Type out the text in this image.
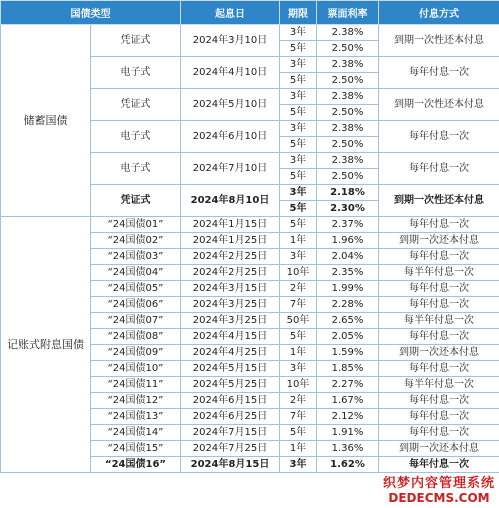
国债类型		起息日	期限	票面利率	付息方式
储蓄国债	凭证式	2024年3月10日	3年	2.38%	到期一次性还本付息
			5年	2.50%	
	电子式	2024年4月10日	3年	2.38%	每年付息一次
			5年	2.50%	
	凭证式	2024年5月10日	3年	2.38%	到期一次性还本付息
			5年	2.50%	
	电子式	2024年6月10日	3年	2.38%	每年付息一次
			5年	2.50%	
	电子式	2024年7月10日	3年	2.38%	每年付息一次
			5年	2.50%	
	凭证式	2024年8月10日	3年	2.18%	到期一次性还本付息
			5年	2.30%	
记账式附息国债	“24国债01”	2024年1月15日	5年	2.37%	每年付息一次
	“24国债02”	2024年1月25日	1年	1.96%	到期一次还本付息
	“24国债03”	2024年2月25日	3年	2.04%	每年付息一次
	“24国债04”	2024年2月25日	10年	2.35%	每半年付息一次
	“24国债05”	2024年3月15日	2年	1.99%	每年付息一次
	“24国债06”	2024年3月25日	7年	2.28%	每年付息一次
	“24国债07”	2024年3月25日	50年	2.65%	每半年付息一次
	“24国债08”	2024年4月15日	5年	2.05%	每年付息一次
	“24国债09”	2024年4月25日	1年	1.59%	到期一次还本付息
	“24国债10”	2024年5月15日	3年	1.85%	每年付息一次
	“24国债11”	2024年5月25日	10年	2.27%	每半年付息一次
	“24国债12”	2024年6月15日	2年	1.67%	每年付息一次
	“24国债13”	2024年6月25日	7年	2.12%	每年付息一次
	“24国债14”	2024年7月15日	5年	1.91%	每年付息一次
	“24国债15”	2024年7月25日	1年	1.36%	到期一次还本付息
	“24国债16”	2024年8月15日	3年	1.62%	每年付息一次
织梦内容管理系统
DEDECMS.COM
